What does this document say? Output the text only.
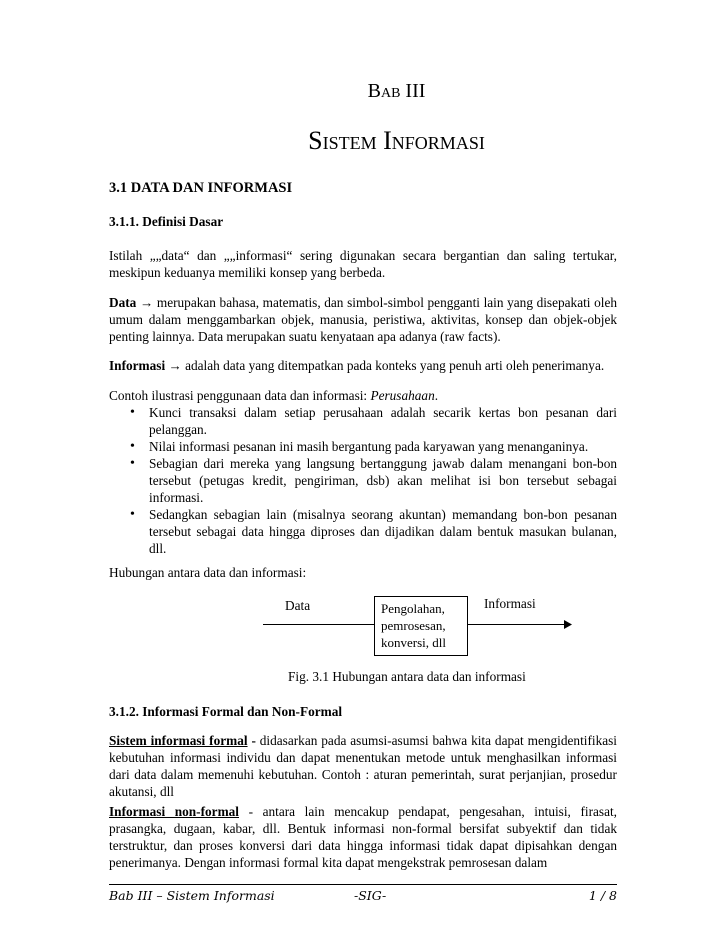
BAB III
SISTEM INFORMASI
3.1 DATA DAN INFORMASI
3.1.1. Definisi Dasar

Istilah „„data“ dan „„informasi“ sering digunakan secara bergantian dan saling tertukar, meskipun keduanya memiliki konsep yang berbeda.

Data → merupakan bahasa, matematis, dan simbol-simbol pengganti lain yang disepakati oleh umum dalam menggambarkan objek, manusia, peristiwa, aktivitas, konsep dan objek-objek penting lainnya. Data merupakan suatu kenyataan apa adanya (raw facts).

Informasi → adalah data yang ditempatkan pada konteks yang penuh arti oleh penerimanya.

Contoh ilustrasi penggunaan data dan informasi: Perusahaan.

• Kunci transaksi dalam setiap perusahaan adalah secarik kertas bon pesanan dari pelanggan.
• Nilai informasi pesanan ini masih bergantung pada karyawan yang menanganinya.
• Sebagian dari mereka yang langsung bertanggung jawab dalam menangani bon-bon tersebut (petugas kredit, pengiriman, dsb) akan melihat isi bon tersebut sebagai informasi.
• Sedangkan sebagian lain (misalnya seorang akuntan) memandang bon-bon pesanan tersebut sebagai data hingga diproses dan dijadikan dalam bentuk masukan bulanan, dll.

Hubungan antara data dan informasi:

Data	Pengolahan,
pemrosesan,
konversi, dll
Informasi
Fig. 3.1 Hubungan antara data dan informasi
3.1.2. Informasi Formal dan Non-Formal

Sistem informasi formal - didasarkan pada asumsi-asumsi bahwa kita dapat mengidentifikasi kebutuhan informasi individu dan dapat menentukan metode untuk menghasilkan informasi dari data dalam memenuhi kebutuhan. Contoh : aturan pemerintah, surat perjanjian, prosedur akutansi, dll

Informasi non-formal - antara lain mencakup pendapat, pengesahan, intuisi, firasat, prasangka, dugaan, kabar, dll. Bentuk informasi non-formal bersifat subyektif dan tidak terstruktur, dan proses konversi dari data hingga informasi tidak dapat dipisahkan dengan penerimanya. Dengan informasi formal kita dapat mengekstrak pemrosesan dalam

Bab III – Sistem Informasi	-SIG-	1 / 8
